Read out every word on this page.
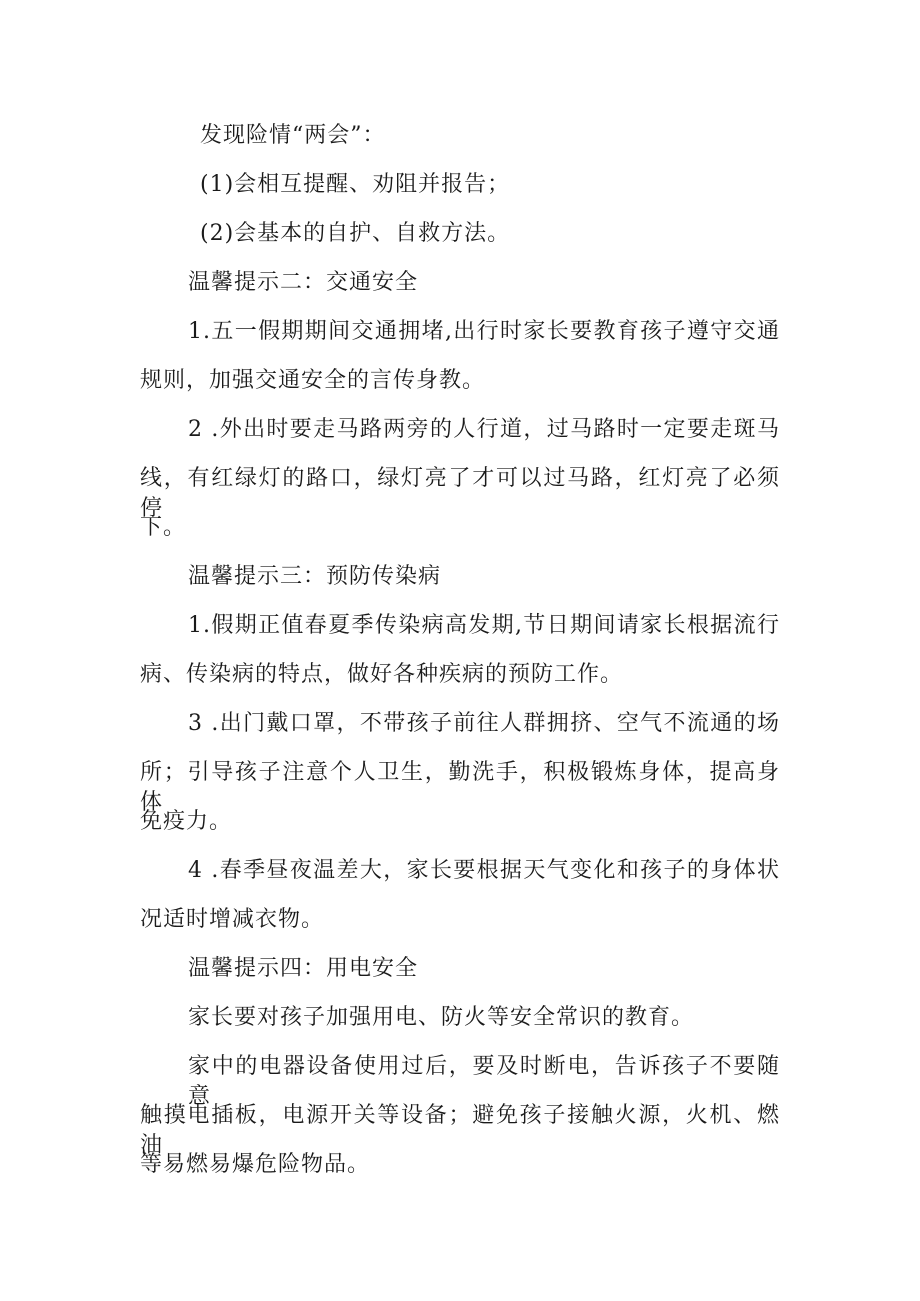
发现险情“两会”：
(1)会相互提醒、劝阻并报告；
(2)会基本的自护、自救方法。
温馨提示二：交通安全
1.五一假期期间交通拥堵,出行时家长要教育孩子遵守交通
规则，加强交通安全的言传身教。
2 .外出时要走马路两旁的人行道，过马路时一定要走斑马
线，有红绿灯的路口，绿灯亮了才可以过马路，红灯亮了必须停
下。
温馨提示三：预防传染病
1.假期正值春夏季传染病高发期,节日期间请家长根据流行
病、传染病的特点，做好各种疾病的预防工作。
3 .出门戴口罩，不带孩子前往人群拥挤、空气不流通的场
所；引导孩子注意个人卫生，勤洗手，积极锻炼身体，提高身体
免疫力。
4 .春季昼夜温差大，家长要根据天气变化和孩子的身体状
况适时增减衣物。
温馨提示四：用电安全
家长要对孩子加强用电、防火等安全常识的教育。
家中的电器设备使用过后，要及时断电，告诉孩子不要随意
触摸电插板，电源开关等设备；避免孩子接触火源，火机、燃油
等易燃易爆危险物品。
